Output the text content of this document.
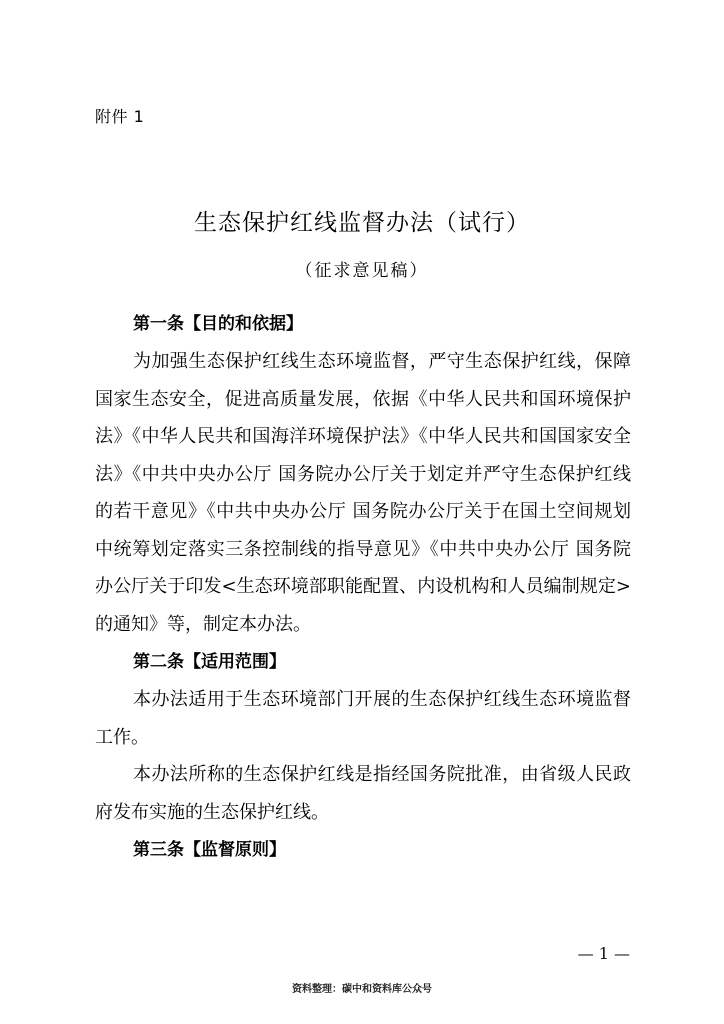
附件 1
生态保护红线监督办法（试行）
（征求意见稿）
第一条【目的和依据】

为加强生态保护红线生态环境监督，严守生态保护红线，保障国家生态安全，促进高质量发展，依据《中华人民共和国环境保护法》《中华人民共和国海洋环境保护法》《中华人民共和国国家安全法》《中共中央办公厅 国务院办公厅关于划定并严守生态保护红线的若干意见》《中共中央办公厅 国务院办公厅关于在国土空间规划中统筹划定落实三条控制线的指导意见》《中共中央办公厅 国务院办公厅关于印发<生态环境部职能配置、内设机构和人员编制规定>的通知》等，制定本办法。

第二条【适用范围】

本办法适用于生态环境部门开展的生态保护红线生态环境监督工作。

本办法所称的生态保护红线是指经国务院批准，由省级人民政府发布实施的生态保护红线。

第三条【监督原则】
— 1 —
资料整理：碳中和资料库公众号
